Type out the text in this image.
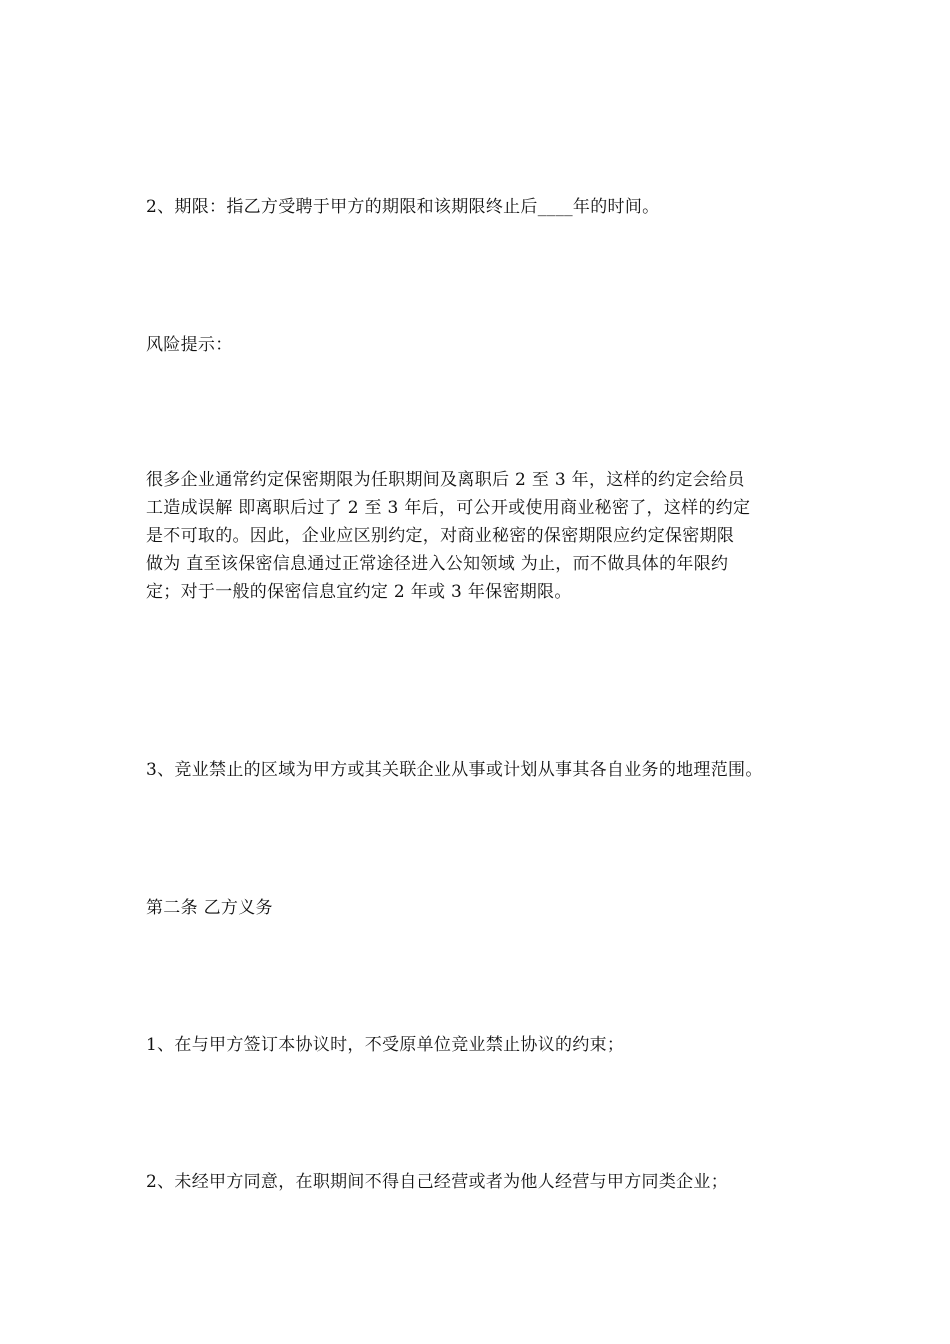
2、期限：指乙方受聘于甲方的期限和该期限终止后____年的时间。
风险提示：
很多企业通常约定保密期限为任职期间及离职后 2 至 3 年，这样的约定会给员
工造成误解 即离职后过了 2 至 3 年后，可公开或使用商业秘密了，这样的约定
是不可取的。因此，企业应区别约定，对商业秘密的保密期限应约定保密期限
做为 直至该保密信息通过正常途径进入公知领域 为止，而不做具体的年限约
定；对于一般的保密信息宜约定 2 年或 3 年保密期限。
3、竞业禁止的区域为甲方或其关联企业从事或计划从事其各自业务的地理范围。
第二条 乙方义务
1、在与甲方签订本协议时，不受原单位竞业禁止协议的约束；
2、未经甲方同意，在职期间不得自己经营或者为他人经营与甲方同类企业；
